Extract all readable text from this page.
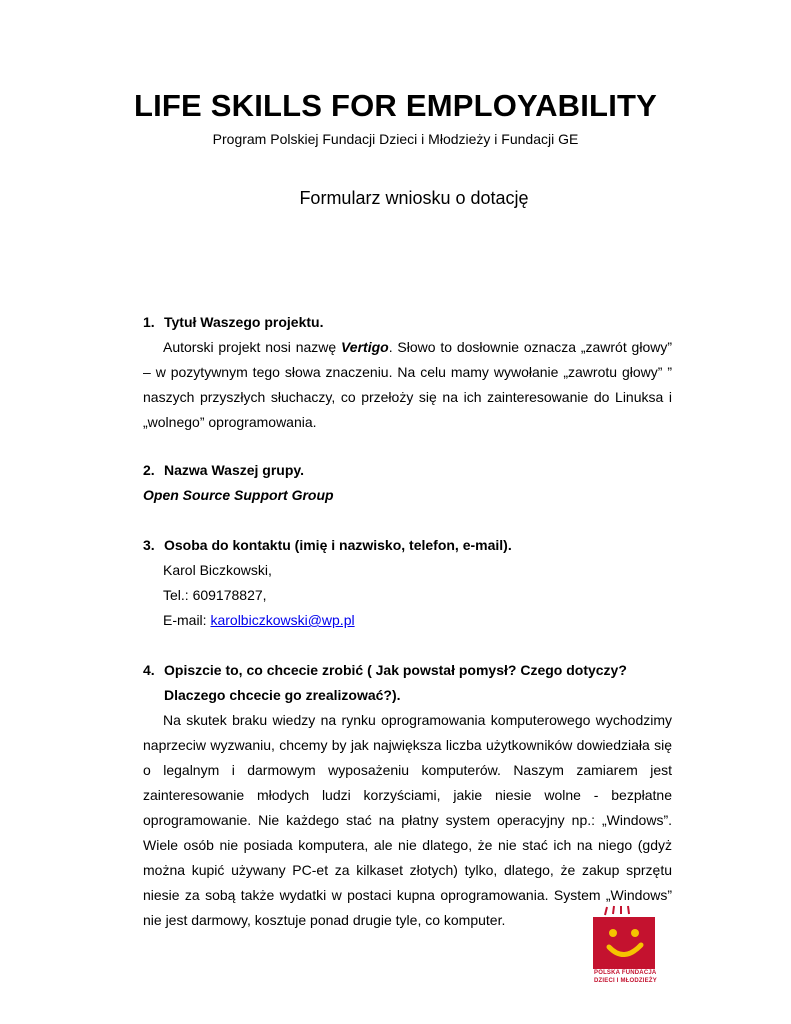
LIFE SKILLS FOR EMPLOYABILITY

Program Polskiej Fundacji Dzieci i Młodzieży i Fundacji GE

Formularz wniosku o dotację

1. Tytuł Waszego projektu.

Autorski projekt nosi nazwę Vertigo. Słowo to dosłownie oznacza „zawrót głowy” – w pozytywnym tego słowa znaczeniu. Na celu mamy wywołanie „zawrotu głowy” ” naszych przyszłych słuchaczy, co przełoży się na ich zainteresowanie do Linuksa i „wolnego” oprogramowania.

2. Nazwa Waszej grupy.

Open Source Support Group

3. Osoba do kontaktu (imię i nazwisko, telefon, e-mail).

Karol Biczkowski,

Tel.: 609178827,

E-mail: karolbiczkowski@wp.pl

4. Opiszcie to, co chcecie zrobić ( Jak powstał pomysł? Czego dotyczy? Dlaczego chcecie go zrealizować?).

Na skutek braku wiedzy na rynku oprogramowania komputerowego wychodzimy naprzeciw wyzwaniu, chcemy by jak największa liczba użytkowników dowiedziała się o legalnym i darmowym wyposażeniu komputerów. Naszym zamiarem jest zainteresowanie młodych ludzi korzyściami, jakie niesie wolne - bezpłatne oprogramowanie. Nie każdego stać na płatny system operacyjny np.: „Windows”. Wiele osób nie posiada komputera, ale nie dlatego, że nie stać ich na niego (gdyż można kupić używany PC-et za kilkaset złotych) tylko, dlatego, że zakup sprzętu niesie za sobą także wydatki w postaci kupna oprogramowania. System „Windows” nie jest darmowy, kosztuje ponad drugie tyle, co komputer.

POLSKA FUNDACJA
DZIECI I MŁODZIEŻY
